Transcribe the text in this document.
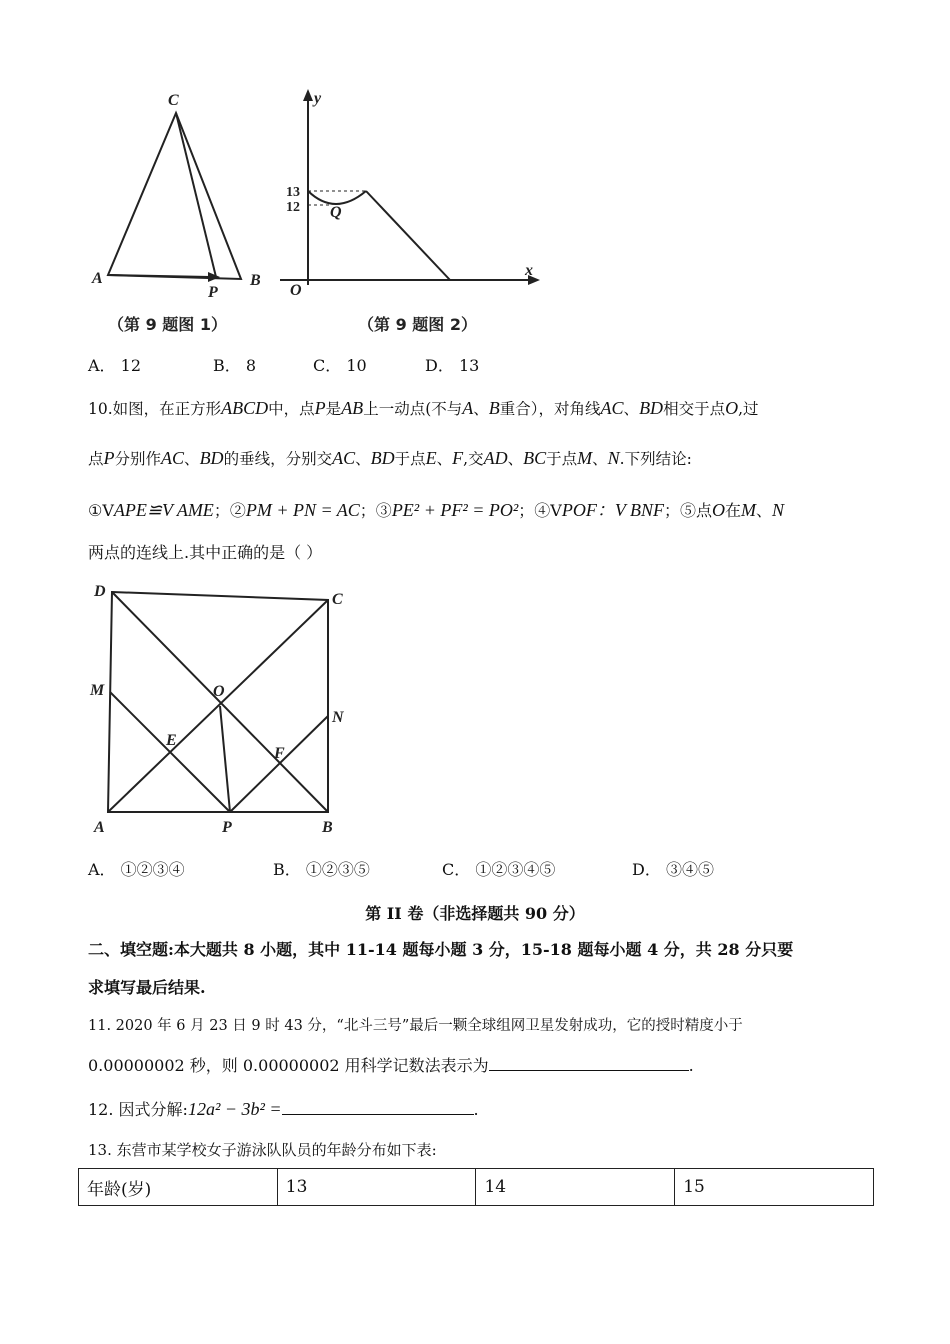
C
A
P
B
（第 9 题图 1）
y
x
O
Q
13
12
（第 9 题图 2）
A． 12	B． 8	C． 10	D． 13
10.如图，在正方形ABCD中，点P是AB上一动点(不与A、B重合），对角线AC、BD相交于点O,过
点P分别作AC、BD的垂线，分别交AC、BD于点E、F,交AD、BC于点M、N.下列结论:
①VAPE≌V AME；②PM + PN = AC；③PE² + PF² = PO²；④VPOF：V BNF；⑤点O在M、N
两点的连线上.其中正确的是（ ）
D	C
M	O
N
E
F
A	P	B
A． ①②③④	B． ①②③⑤	C． ①②③④⑤	D． ③④⑤
第 II 卷（非选择题共 90 分）
二、填空题:本大题共 8 小题，其中 11-14 题每小题 3 分，15-18 题每小题 4 分，共 28 分只要
求填写最后结果.
11. 2020 年 6 月 23 日 9 时 43 分，“北斗三号”最后一颗全球组网卫星发射成功，它的授时精度小于
0.00000002 秒，则 0.00000002 用科学记数法表示为	.
12. 因式分解:12a² − 3b² =	.
13. 东营市某学校女子游泳队队员的年龄分布如下表:
年龄(岁)	13	14	15
